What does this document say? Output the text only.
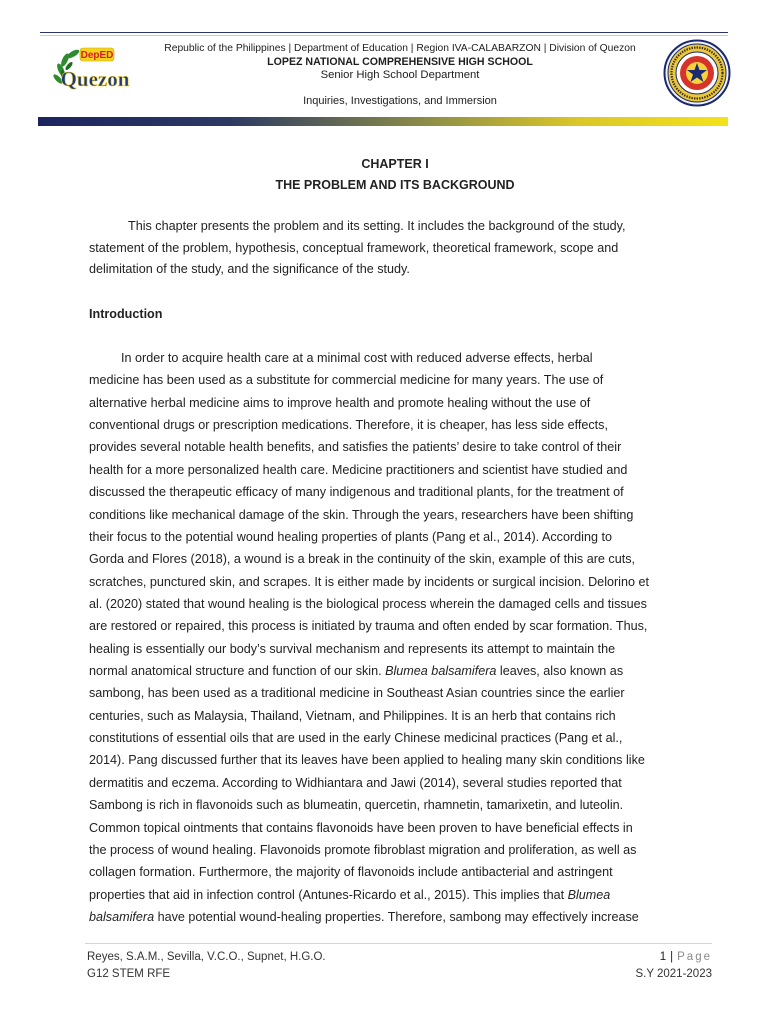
DepED
Quezon
Republic of the Philippines | Department of Education | Region IVA-CALABARZON | Division of Quezon
LOPEZ NATIONAL COMPREHENSIVE HIGH SCHOOL
Senior High School Department
Inquiries, Investigations, and Immersion
CHAPTER I
THE PROBLEM AND ITS BACKGROUND
This chapter presents the problem and its setting. It includes the background of the study,
statement of the problem, hypothesis, conceptual framework, theoretical framework, scope and
delimitation of the study, and the significance of the study.
Introduction
In order to acquire health care at a minimal cost with reduced adverse effects, herbal
medicine has been used as a substitute for commercial medicine for many years. The use of
alternative herbal medicine aims to improve health and promote healing without the use of
conventional drugs or prescription medications. Therefore, it is cheaper, has less side effects,
provides several notable health benefits, and satisfies the patients’ desire to take control of their
health for a more personalized health care. Medicine practitioners and scientist have studied and
discussed the therapeutic efficacy of many indigenous and traditional plants, for the treatment of
conditions like mechanical damage of the skin. Through the years, researchers have been shifting
their focus to the potential wound healing properties of plants (Pang et al., 2014). According to
Gorda and Flores (2018), a wound is a break in the continuity of the skin, example of this are cuts,
scratches, punctured skin, and scrapes. It is either made by incidents or surgical incision. Delorino et
al. (2020) stated that wound healing is the biological process wherein the damaged cells and tissues
are restored or repaired, this process is initiated by trauma and often ended by scar formation. Thus,
healing is essentially our body’s survival mechanism and represents its attempt to maintain the
normal anatomical structure and function of our skin. Blumea balsamifera leaves, also known as
sambong, has been used as a traditional medicine in Southeast Asian countries since the earlier
centuries, such as Malaysia, Thailand, Vietnam, and Philippines. It is an herb that contains rich
constitutions of essential oils that are used in the early Chinese medicinal practices (Pang et al.,
2014). Pang discussed further that its leaves have been applied to healing many skin conditions like
dermatitis and eczema. According to Widhiantara and Jawi (2014), several studies reported that
Sambong is rich in flavonoids such as blumeatin, quercetin, rhamnetin, tamarixetin, and luteolin.
Common topical ointments that contains flavonoids have been proven to have beneficial effects in
the process of wound healing. Flavonoids promote fibroblast migration and proliferation, as well as
collagen formation. Furthermore, the majority of flavonoids include antibacterial and astringent
properties that aid in infection control (Antunes-Ricardo et al., 2015). This implies that Blumea
balsamifera have potential wound-healing properties. Therefore, sambong may effectively increase
Reyes, S.A.M., Sevilla, V.C.O., Supnet, H.G.O.
G12 STEM RFE
1 | Page
S.Y 2021-2023
